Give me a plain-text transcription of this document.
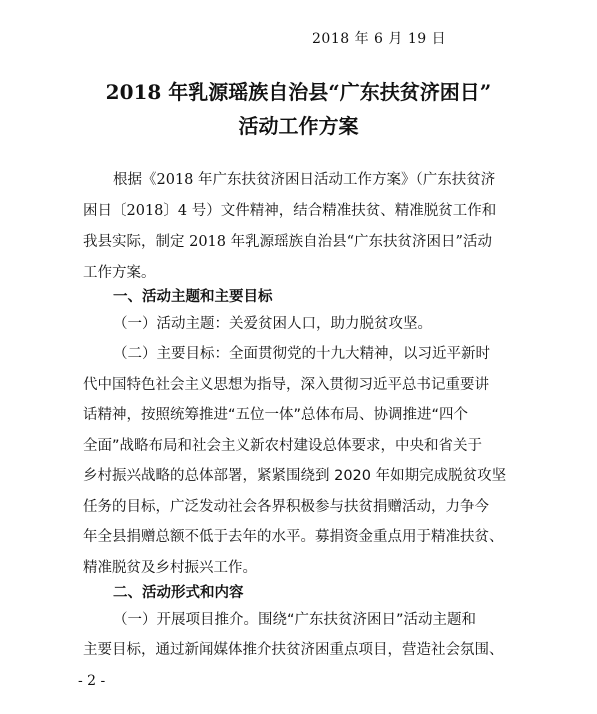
2018 年 6 月 19 日
2018 年乳源瑶族自治县“广东扶贫济困日”
活动工作方案
根据《2018 年广东扶贫济困日活动工作方案》（广东扶贫济
困日〔2018〕4 号）文件精神，结合精准扶贫、精准脱贫工作和
我县实际，制定 2018 年乳源瑶族自治县“广东扶贫济困日”活动
工作方案。
一、活动主题和主要目标
（一）活动主题：关爱贫困人口，助力脱贫攻坚。
（二）主要目标：全面贯彻党的十九大精神，以习近平新时
代中国特色社会主义思想为指导，深入贯彻习近平总书记重要讲
话精神，按照统筹推进“五位一体”总体布局、协调推进“四个
全面”战略布局和社会主义新农村建设总体要求，中央和省关于
乡村振兴战略的总体部署，紧紧围绕到 2020 年如期完成脱贫攻坚
任务的目标，广泛发动社会各界积极参与扶贫捐赠活动，力争今
年全县捐赠总额不低于去年的水平。募捐资金重点用于精准扶贫、
精准脱贫及乡村振兴工作。
二、活动形式和内容
（一）开展项目推介。围绕“广东扶贫济困日”活动主题和
主要目标，通过新闻媒体推介扶贫济困重点项目，营造社会氛围、
- 2 -
